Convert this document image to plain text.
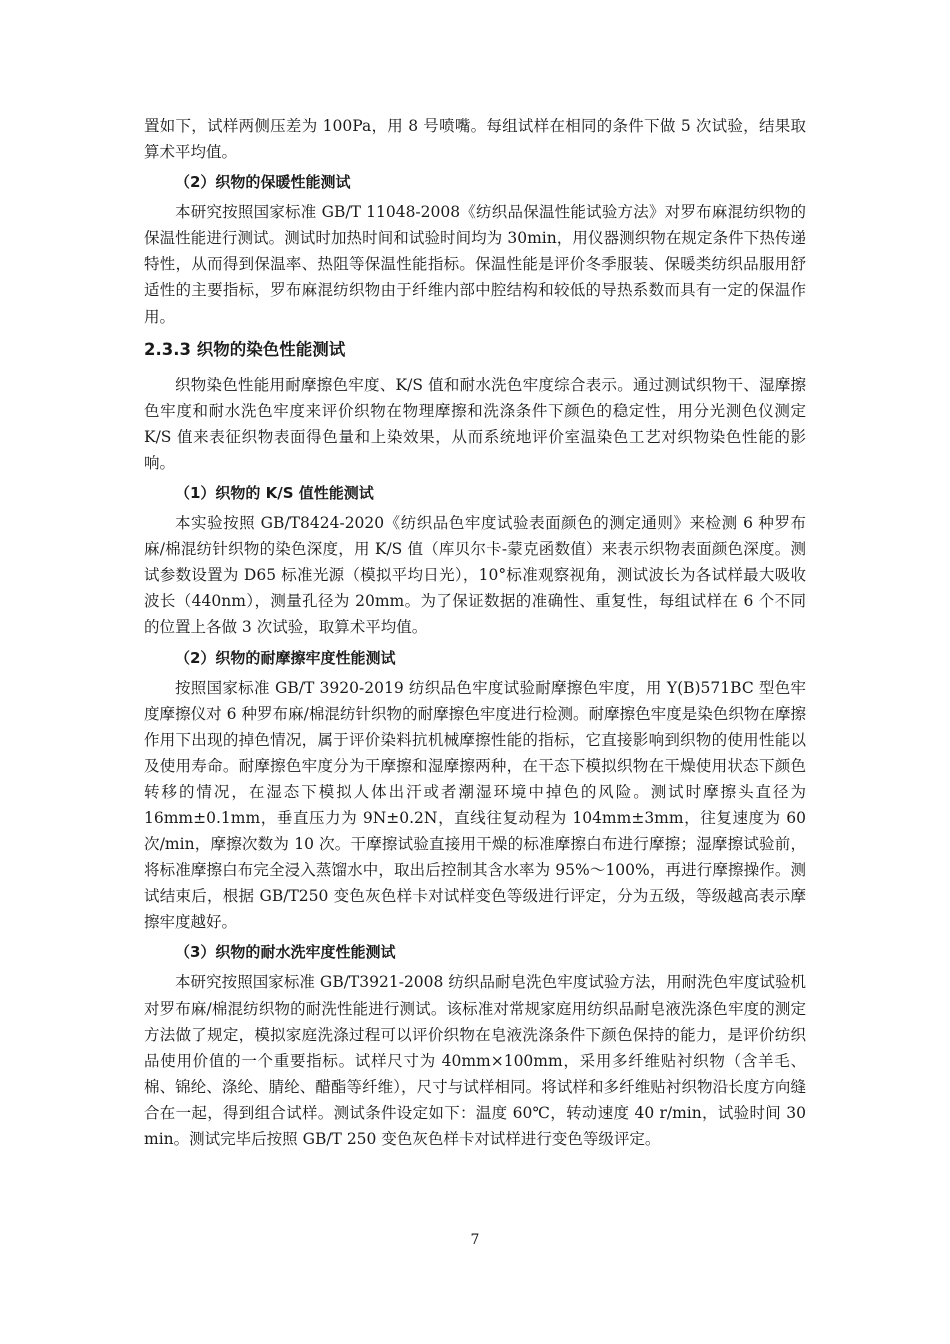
置如下，试样两侧压差为 100Pa，用 8 号喷嘴。每组试样在相同的条件下做 5 次试验，结果取算术平均值。

（2）织物的保暖性能测试

本研究按照国家标准 GB/T 11048-2008《纺织品保温性能试验方法》对罗布麻混纺织物的保温性能进行测试。测试时加热时间和试验时间均为 30min，用仪器测织物在规定条件下热传递特性，从而得到保温率、热阻等保温性能指标。保温性能是评价冬季服装、保暖类纺织品服用舒适性的主要指标，罗布麻混纺织物由于纤维内部中腔结构和较低的导热系数而具有一定的保温作用。

2.3.3 织物的染色性能测试

织物染色性能用耐摩擦色牢度、K/S 值和耐水洗色牢度综合表示。通过测试织物干、湿摩擦色牢度和耐水洗色牢度来评价织物在物理摩擦和洗涤条件下颜色的稳定性，用分光测色仪测定 K/S 值来表征织物表面得色量和上染效果，从而系统地评价室温染色工艺对织物染色性能的影响。

（1）织物的 K/S 值性能测试

本实验按照 GB/T8424-2020《纺织品色牢度试验表面颜色的测定通则》来检测 6 种罗布麻/棉混纺针织物的染色深度，用 K/S 值（库贝尔卡-蒙克函数值）来表示织物表面颜色深度。测试参数设置为 D65 标准光源（模拟平均日光），10°标准观察视角，测试波长为各试样最大吸收波长（440nm），测量孔径为 20mm。为了保证数据的准确性、重复性，每组试样在 6 个不同的位置上各做 3 次试验，取算术平均值。

（2）织物的耐摩擦牢度性能测试

按照国家标准 GB/T 3920-2019 纺织品色牢度试验耐摩擦色牢度，用 Y(B)571BC 型色牢度摩擦仪对 6 种罗布麻/棉混纺针织物的耐摩擦色牢度进行检测。耐摩擦色牢度是染色织物在摩擦作用下出现的掉色情况，属于评价染料抗机械摩擦性能的指标，它直接影响到织物的使用性能以及使用寿命。耐摩擦色牢度分为干摩擦和湿摩擦两种，在干态下模拟织物在干燥使用状态下颜色转移的情况，在湿态下模拟人体出汗或者潮湿环境中掉色的风险。测试时摩擦头直径为 16mm±0.1mm，垂直压力为 9N±0.2N，直线往复动程为 104mm±3mm，往复速度为 60 次/min，摩擦次数为 10 次。干摩擦试验直接用干燥的标准摩擦白布进行摩擦；湿摩擦试验前，将标准摩擦白布完全浸入蒸馏水中，取出后控制其含水率为 95%～100%，再进行摩擦操作。测试结束后，根据 GB/T250 变色灰色样卡对试样变色等级进行评定，分为五级，等级越高表示摩擦牢度越好。

（3）织物的耐水洗牢度性能测试

本研究按照国家标准 GB/T3921-2008 纺织品耐皂洗色牢度试验方法，用耐洗色牢度试验机对罗布麻/棉混纺织物的耐洗性能进行测试。该标准对常规家庭用纺织品耐皂液洗涤色牢度的测定方法做了规定，模拟家庭洗涤过程可以评价织物在皂液洗涤条件下颜色保持的能力，是评价纺织品使用价值的一个重要指标。试样尺寸为 40mm×100mm，采用多纤维贴衬织物（含羊毛、棉、锦纶、涤纶、腈纶、醋酯等纤维），尺寸与试样相同。将试样和多纤维贴衬织物沿长度方向缝合在一起，得到组合试样。测试条件设定如下：温度 60℃，转动速度 40 r/min，试验时间 30 min。测试完毕后按照 GB/T 250 变色灰色样卡对试样进行变色等级评定。

7
